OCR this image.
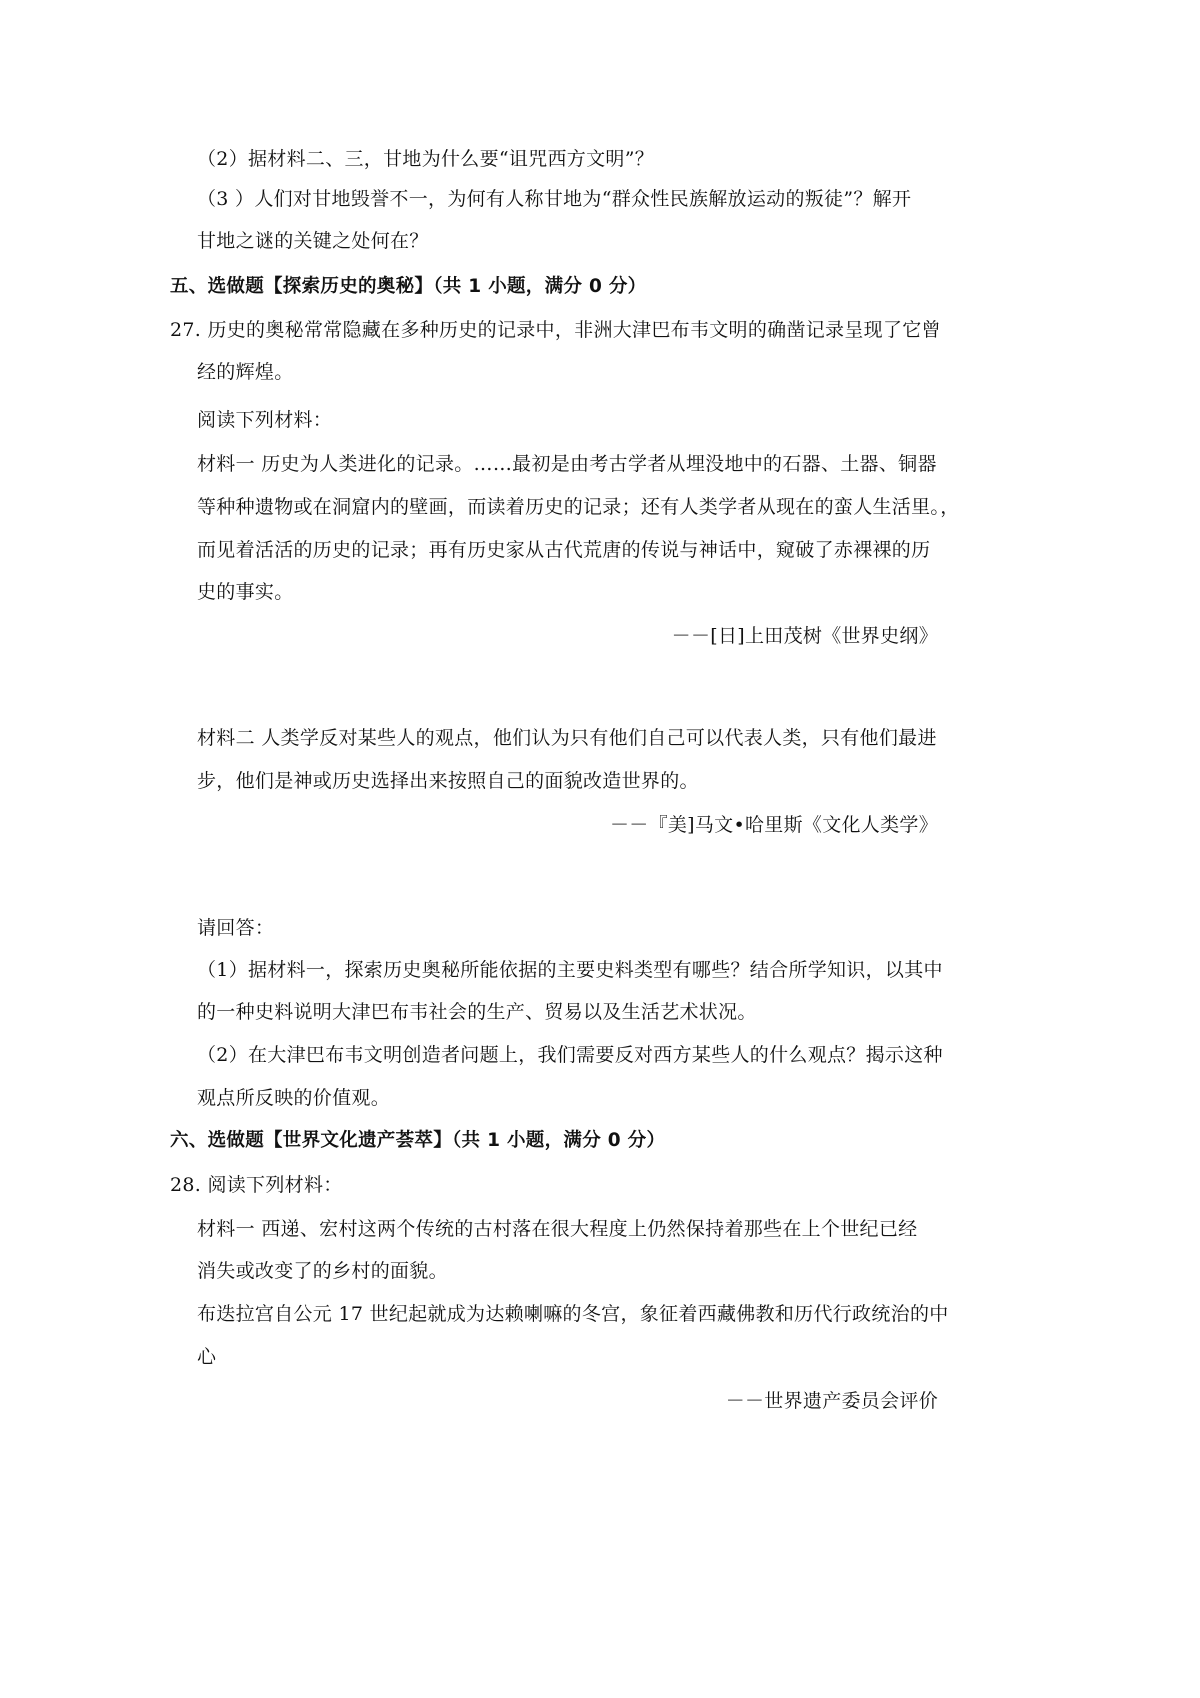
（2）据材料二、三，甘地为什么要“诅咒西方文明”？
（3 ）人们对甘地毁誉不一，为何有人称甘地为“群众性民族解放运动的叛徒”？解开
甘地之谜的关键之处何在？
五、选做题【探索历史的奥秘】（共 1 小题，满分 0 分）
27. 历史的奥秘常常隐藏在多种历史的记录中，非洲大津巴布韦文明的确凿记录呈现了它曾
经的辉煌。
阅读下列材料：
材料一 历史为人类进化的记录。……最初是由考古学者从埋没地中的石器、土器、铜器
等种种遗物或在洞窟内的壁画，而读着历史的记录；还有人类学者从现在的蛮人生活里。，
而见着活活的历史的记录；再有历史家从古代荒唐的传说与神话中，窥破了赤裸裸的历
史的事实。
－－[日]上田茂树《世界史纲》
材料二 人类学反对某些人的观点，他们认为只有他们自己可以代表人类，只有他们最进
步，他们是神或历史选择出来按照自己的面貌改造世界的。
－－『美]马文•哈里斯《文化人类学》
请回答：
（1）据材料一，探索历史奥秘所能依据的主要史料类型有哪些？结合所学知识，以其中
的一种史料说明大津巴布韦社会的生产、贸易以及生活艺术状况。
（2）在大津巴布韦文明创造者问题上，我们需要反对西方某些人的什么观点？揭示这种
观点所反映的价值观。
六、选做题【世界文化遗产荟萃】（共 1 小题，满分 0 分）
28. 阅读下列材料：
材料一 西递、宏村这两个传统的古村落在很大程度上仍然保持着那些在上个世纪已经
消失或改变了的乡村的面貌。
布迭拉宫自公元 17 世纪起就成为达赖喇嘛的冬宫，象征着西藏佛教和历代行政统治的中
心
－－世界遗产委员会评价
